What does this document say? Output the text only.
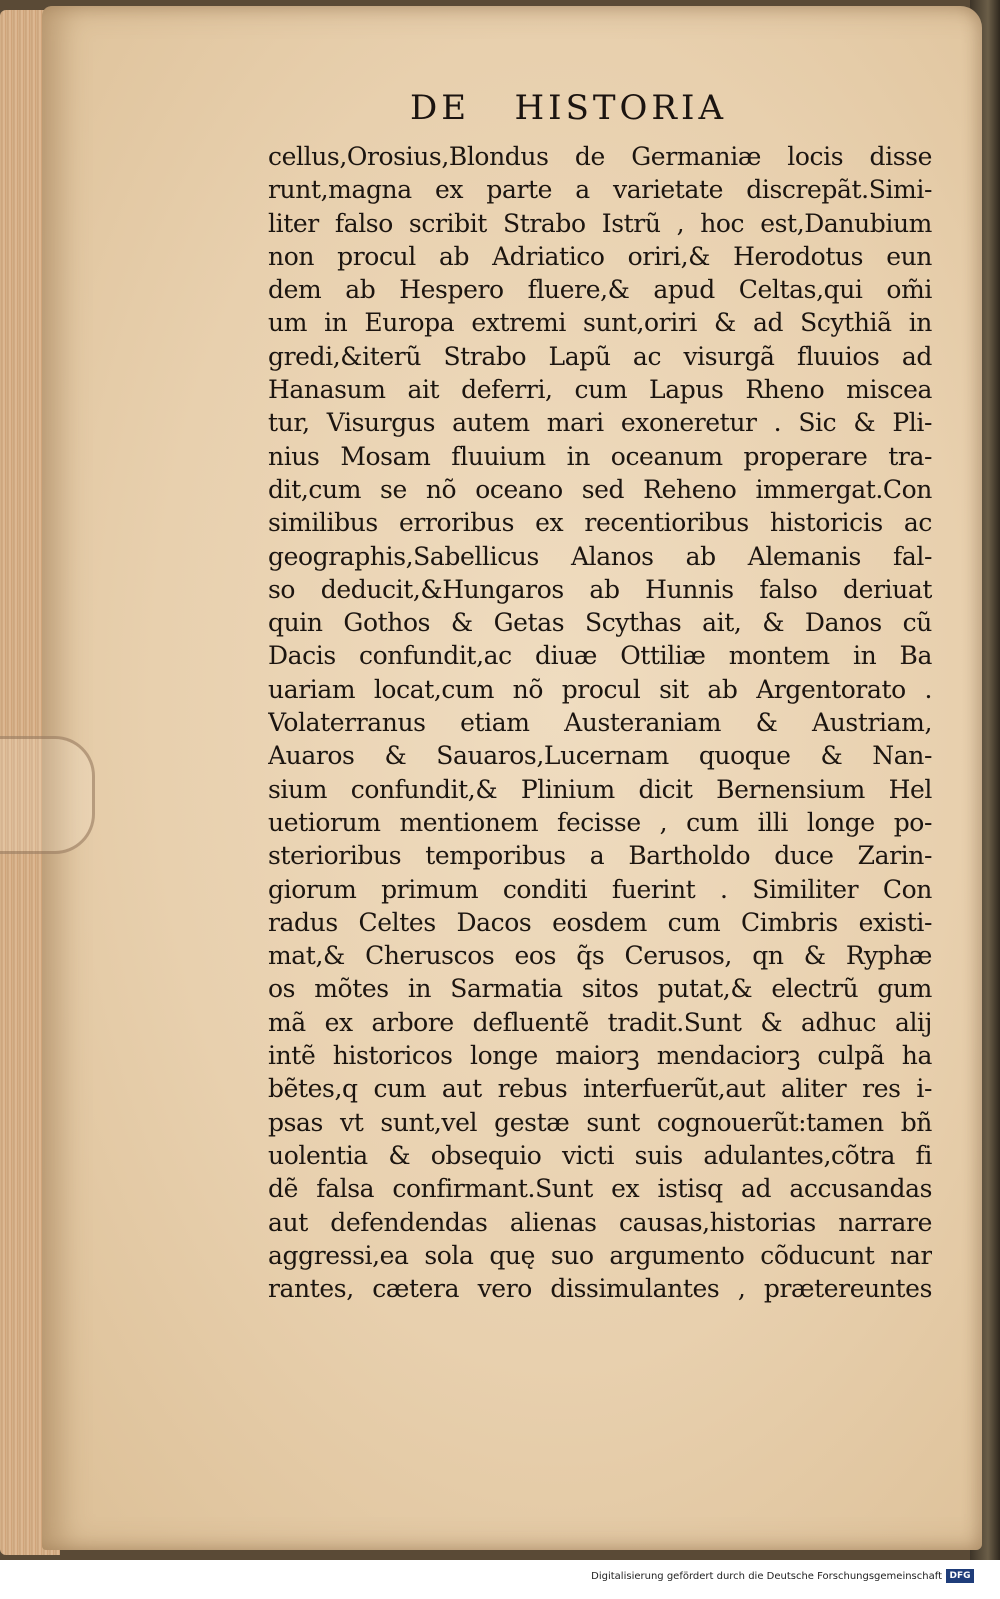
DE   HISTORIA
cellus,Orosius,Blondus de Germaniæ locis disse
runt,magna ex parte a varietate discrepãt.Simi-
liter falso scribit Strabo Istrũ , hoc est,Danubium
non procul ab Adriatico oriri,& Herodotus eun
dem ab Hespero fluere,& apud Celtas,qui om̃i
um in Europa extremi sunt,oriri & ad Scythiã in
gredi,&iterũ Strabo Lapũ ac visurgã fluuios ad
Hanasum ait deferri, cum Lapus Rheno miscea
tur, Visurgus autem mari exoneretur . Sic & Pli-
nius Mosam fluuium in oceanum properare tra-
dit,cum se nõ oceano sed Reheno immergat.Con
similibus erroribus ex recentioribus historicis ac
geographis,Sabellicus Alanos ab Alemanis fal-
so deducit,&Hungaros ab Hunnis falso deriuat
quin Gothos & Getas Scythas ait, & Danos cũ
Dacis confundit,ac diuæ Ottiliæ montem in Ba
uariam locat,cum nõ procul sit ab Argentorato .
Volaterranus etiam Austeraniam & Austriam,
Auaros & Sauaros,Lucernam quoque & Nan-
sium confundit,& Plinium dicit Bernensium Hel
uetiorum mentionem fecisse , cum illi longe po-
sterioribus temporibus a Bartholdo duce Zarin-
giorum primum conditi fuerint . Similiter Con
radus Celtes Dacos eosdem cum Cimbris existi-
mat,& Cheruscos eos q̃s Cerusos, qn & Ryphæ
os mõtes in Sarmatia sitos putat,& electrũ gum
mã ex arbore defluentẽ tradit.Sunt & adhuc alij
intẽ historicos longe maiorꝫ mendaciorꝫ culpã ha
bẽtes,q cum aut rebus interfuerũt,aut aliter res i-
psas vt sunt,vel gestæ sunt cognouerũt:tamen bñ
uolentia & obsequio victi suis adulantes,cõtra fi
dẽ falsa confirmant.Sunt ex istisq ad accusandas
aut defendendas alienas causas,historias narrare
aggressi,ea sola quę suo argumento cõducunt nar
rantes, cætera vero dissimulantes , prætereuntes
Digitalisierung gefördert durch die Deutsche Forschungsgemeinschaft DFG
